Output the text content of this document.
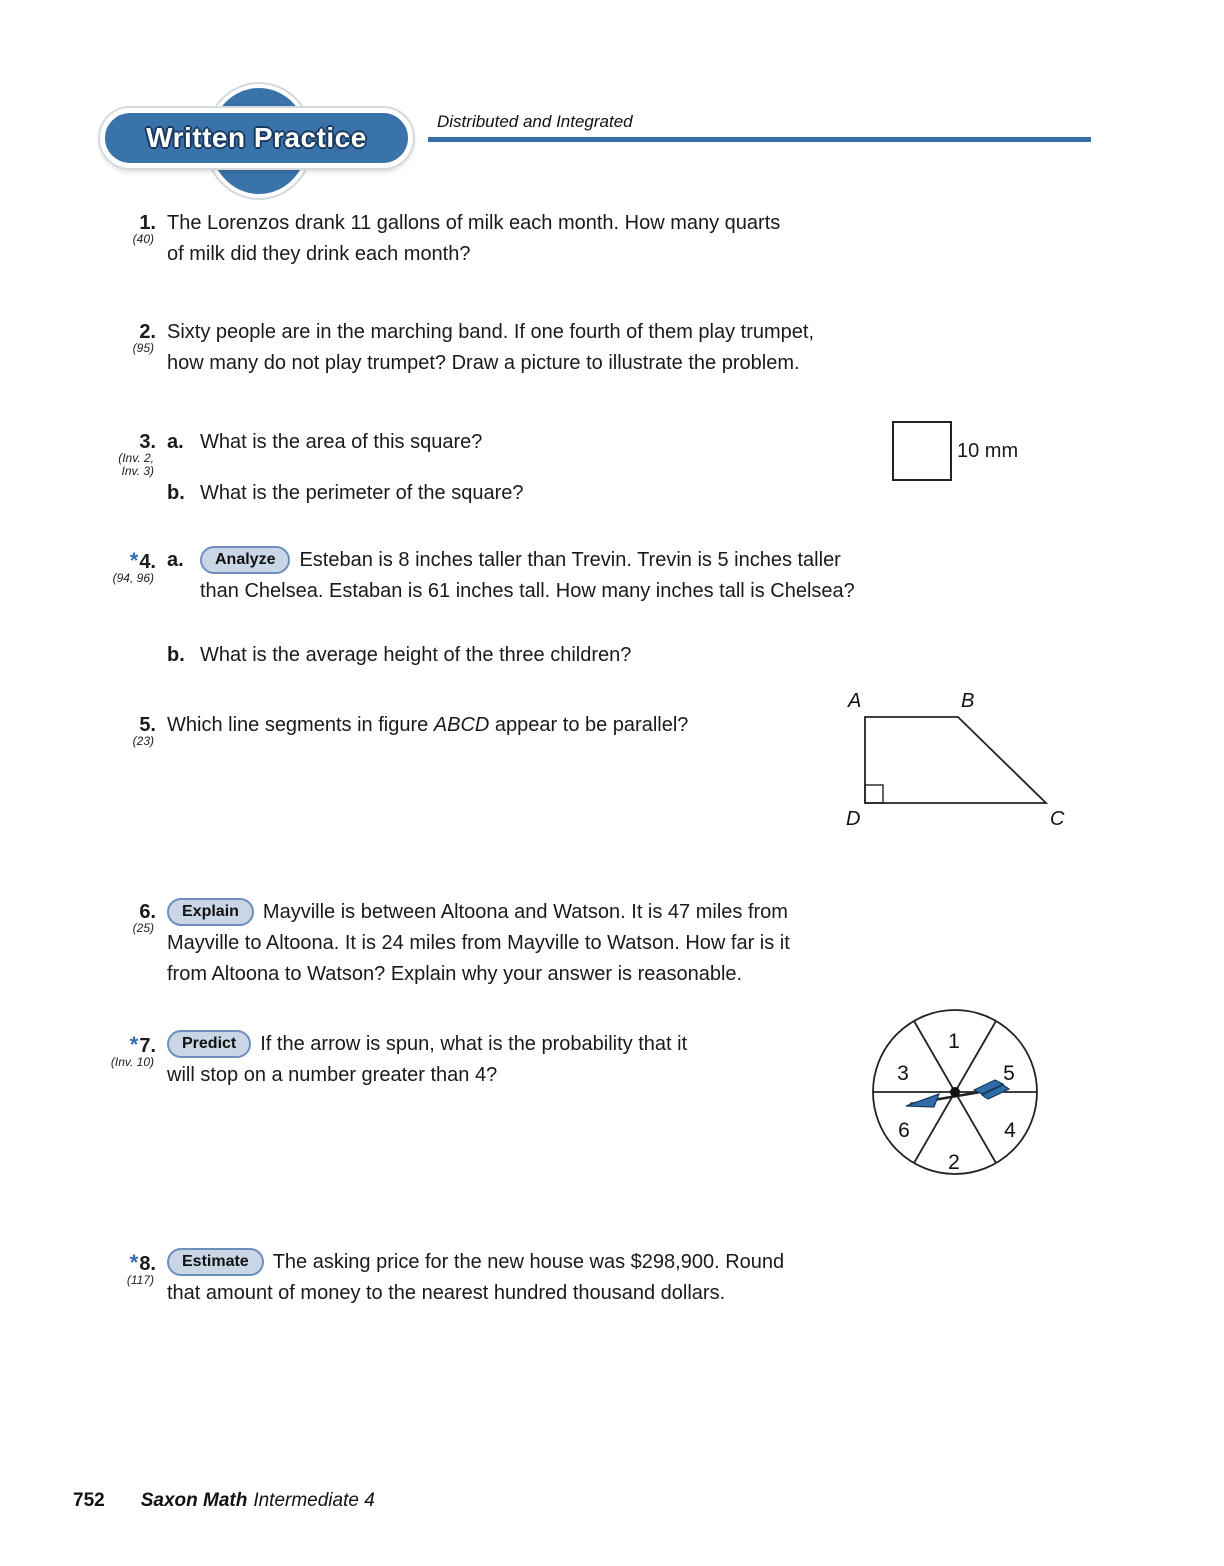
Written Practice
Distributed and Integrated
1.
(40)
The Lorenzos drank 11 gallons of milk each month. How many quarts
of milk did they drink each month?
2.
(95)
Sixty people are in the marching band. If one fourth of them play trumpet,
how many do not play trumpet? Draw a picture to illustrate the problem.
3.
(Inv. 2,
Inv. 3)
a. What is the area of this square?
b. What is the perimeter of the square?
10 mm
*4.
(94, 96)
a.	Analyze Esteban is 8 inches taller than Trevin. Trevin is 5 inches taller
than Chelsea. Estaban is 61 inches tall. How many inches tall is Chelsea?
b. What is the average height of the three children?
5.
(23)
Which line segments in figure ABCD appear to be parallel?
A	B
C
D
6.
(25)
Explain Mayville is between Altoona and Watson. It is 47 miles from
Mayville to Altoona. It is 24 miles from Mayville to Watson. How far is it
from Altoona to Watson? Explain why your answer is reasonable.
*7.
(Inv. 10)
Predict If the arrow is spun, what is the probability that it
will stop on a number greater than 4?
1
3	5
6	4
2
*8.
(117)
Estimate The asking price for the new house was $298,900. Round
that amount of money to the nearest hundred thousand dollars.
752 Saxon Math Intermediate 4
